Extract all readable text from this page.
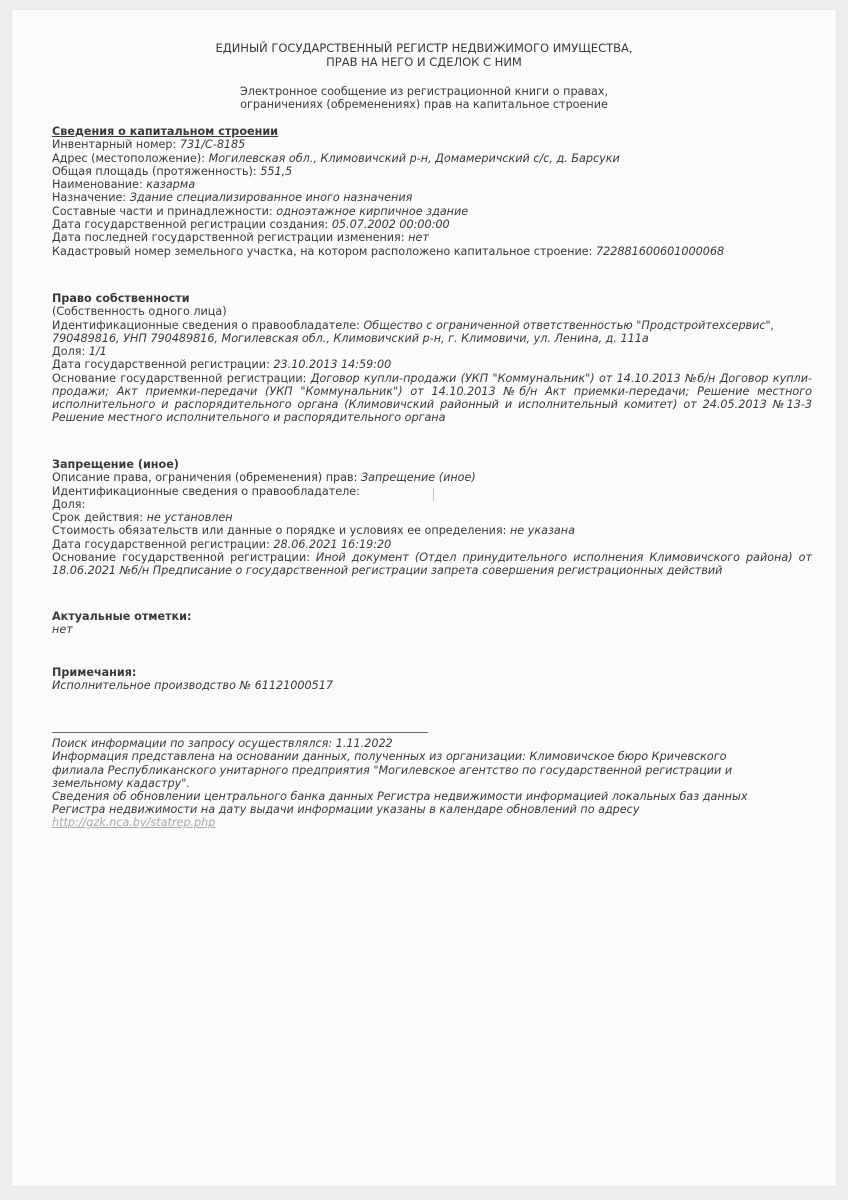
ЕДИНЫЙ ГОСУДАРСТВЕННЫЙ РЕГИСТР НЕДВИЖИМОГО ИМУЩЕСТВА,
ПРАВ НА НЕГО И СДЕЛОК С НИМ
Электронное сообщение из регистрационной книги о правах,
ограничениях (обременениях) прав на капитальное строение
Сведения о капитальном строении
Инвентарный номер: 731/С-8185
Адрес (местоположение): Могилевская обл., Климовичский р-н, Домамеричский с/с, д. Барсуки
Общая площадь (протяженность): 551,5
Наименование: казарма
Назначение: Здание специализированное иного назначения
Составные части и принадлежности: одноэтажное кирпичное здание
Дата государственной регистрации создания: 05.07.2002 00:00:00
Дата последней государственной регистрации изменения: нет
Кадастровый номер земельного участка, на котором расположено капитальное строение: 722881600601000068
Право собственности
(Собственность одного лица)
Идентификационные сведения о правообладателе: Общество с ограниченной ответственностью "Продстройтехсервис",
790489816, УНП 790489816, Могилевская обл., Климовичский р-н, г. Климовичи, ул. Ленина, д. 111а
Доля: 1/1
Дата государственной регистрации: 23.10.2013 14:59:00
Основание государственной регистрации: Договор купли-продажи (УКП "Коммунальник") от 14.10.2013 №б/н Договор купли-продажи; Акт приемки-передачи (УКП "Коммунальник") от 14.10.2013 №б/н Акт приемки-передачи; Решение местного исполнительного и распорядительного органа (Климовичский районный и исполнительный комитет) от 24.05.2013 №13-3 Решение местного исполнительного и распорядительного органа
Запрещение (иное)
Описание права, ограничения (обременения) прав: Запрещение (иное)
Идентификационные сведения о правообладателе:
Доля:
Срок действия: не установлен
Стоимость обязательств или данные о порядке и условиях ее определения: не указана
Дата государственной регистрации: 28.06.2021 16:19:20
Основание государственной регистрации: Иной документ (Отдел принудительного исполнения Климовичского района) от 18.06.2021 №б/н Предписание о государственной регистрации запрета совершения регистрационных действий
Актуальные отметки:
нет
Примечания:
Исполнительное производство № 61121000517
Поиск информации по запросу осуществлялся: 1.11.2022
Информация представлена на основании данных, полученных из организации: Климовичское бюро Кричевского филиала Республиканского унитарного предприятия "Могилевское агентство по государственной регистрации и земельному кадастру".
Сведения об обновлении центрального банка данных Регистра недвижимости информацией локальных баз данных Регистра недвижимости на дату выдачи информации указаны в календаре обновлений по адресу
http://gzk.nca.by/statrep.php
